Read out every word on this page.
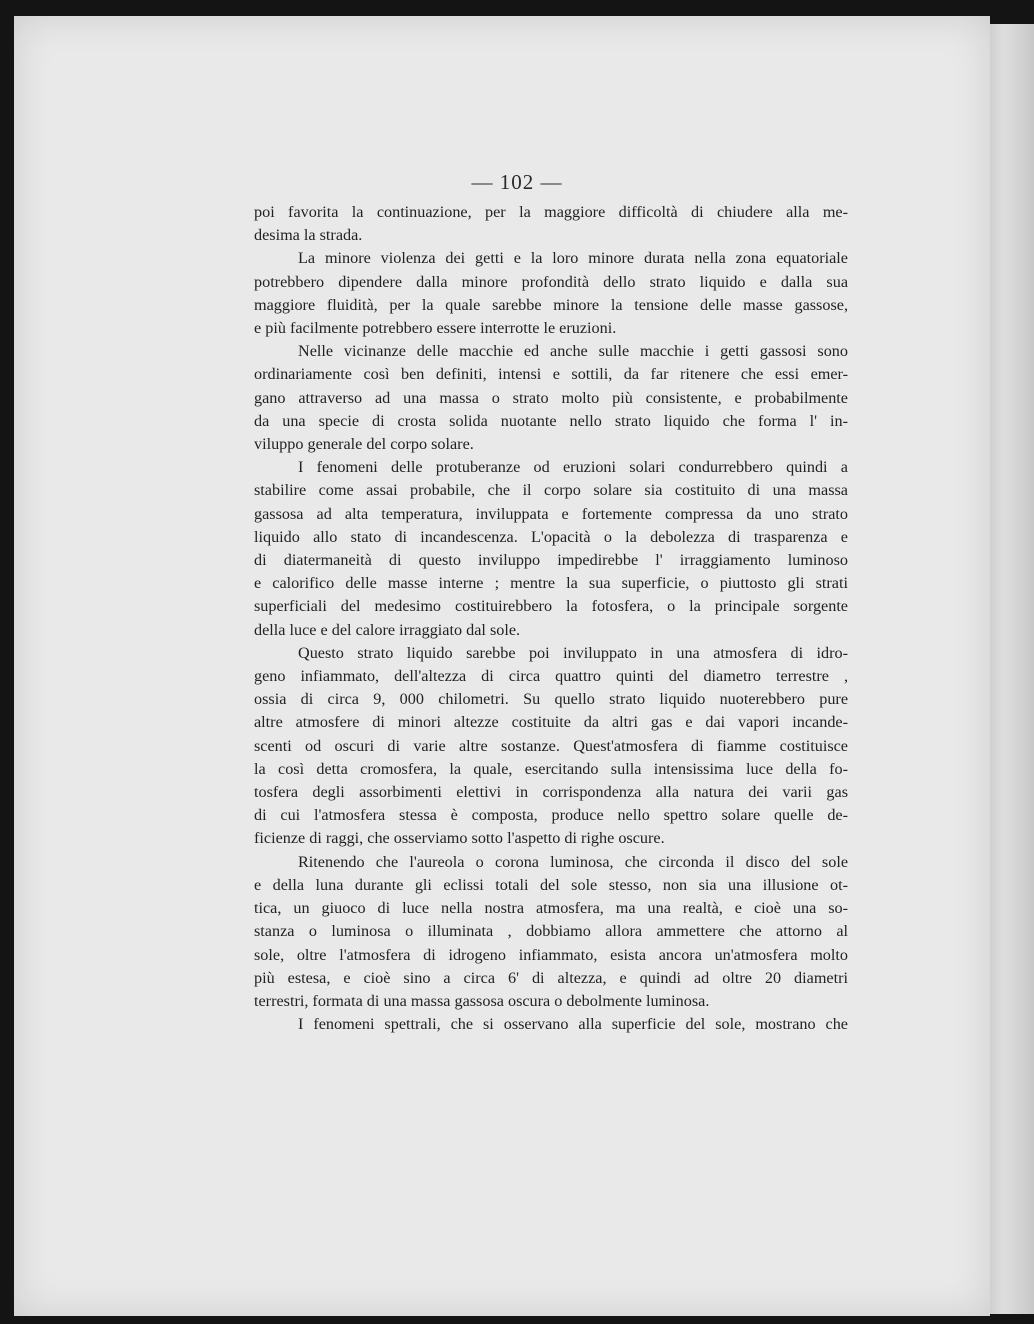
— 102 —

poi favorita la continuazione, per la maggiore difficoltà di chiudere alla me-
desima la strada.

La minore violenza dei getti e la loro minore durata nella zona equatoriale
potrebbero dipendere dalla minore profondità dello strato liquido e dalla sua
maggiore fluidità, per la quale sarebbe minore la tensione delle masse gassose,
e più facilmente potrebbero essere interrotte le eruzioni.

Nelle vicinanze delle macchie ed anche sulle macchie i getti gassosi sono
ordinariamente così ben definiti, intensi e sottili, da far ritenere che essi emer-
gano attraverso ad una massa o strato molto più consistente, e probabilmente
da una specie di crosta solida nuotante nello strato liquido che forma l' in-
viluppo generale del corpo solare.

I fenomeni delle protuberanze od eruzioni solari condurrebbero quindi a
stabilire come assai probabile, che il corpo solare sia costituito di una massa
gassosa ad alta temperatura, inviluppata e fortemente compressa da uno strato
liquido allo stato di incandescenza. L'opacità o la debolezza di trasparenza e
di diatermaneità di questo inviluppo impedirebbe l' irraggiamento luminoso
e calorifico delle masse interne ; mentre la sua superficie, o piuttosto gli strati
superficiali del medesimo costituirebbero la fotosfera, o la principale sorgente
della luce e del calore irraggiato dal sole.

Questo strato liquido sarebbe poi inviluppato in una atmosfera di idro-
geno infiammato, dell'altezza di circa quattro quinti del diametro terrestre ,
ossia di circa 9, 000 chilometri. Su quello strato liquido nuoterebbero pure
altre atmosfere di minori altezze costituite da altri gas e dai vapori incande-
scenti od oscuri di varie altre sostanze. Quest'atmosfera di fiamme costituisce
la così detta cromosfera, la quale, esercitando sulla intensissima luce della fo-
tosfera degli assorbimenti elettivi in corrispondenza alla natura dei varii gas
di cui l'atmosfera stessa è composta, produce nello spettro solare quelle de-
ficienze di raggi, che osserviamo sotto l'aspetto di righe oscure.

Ritenendo che l'aureola o corona luminosa, che circonda il disco del sole
e della luna durante gli eclissi totali del sole stesso, non sia una illusione ot-
tica, un giuoco di luce nella nostra atmosfera, ma una realtà, e cioè una so-
stanza o luminosa o illuminata , dobbiamo allora ammettere che attorno al
sole, oltre l'atmosfera di idrogeno infiammato, esista ancora un'atmosfera molto
più estesa, e cioè sino a circa 6' di altezza, e quindi ad oltre 20 diametri
terrestri, formata di una massa gassosa oscura o debolmente luminosa.

I fenomeni spettrali, che si osservano alla superficie del sole, mostrano che
